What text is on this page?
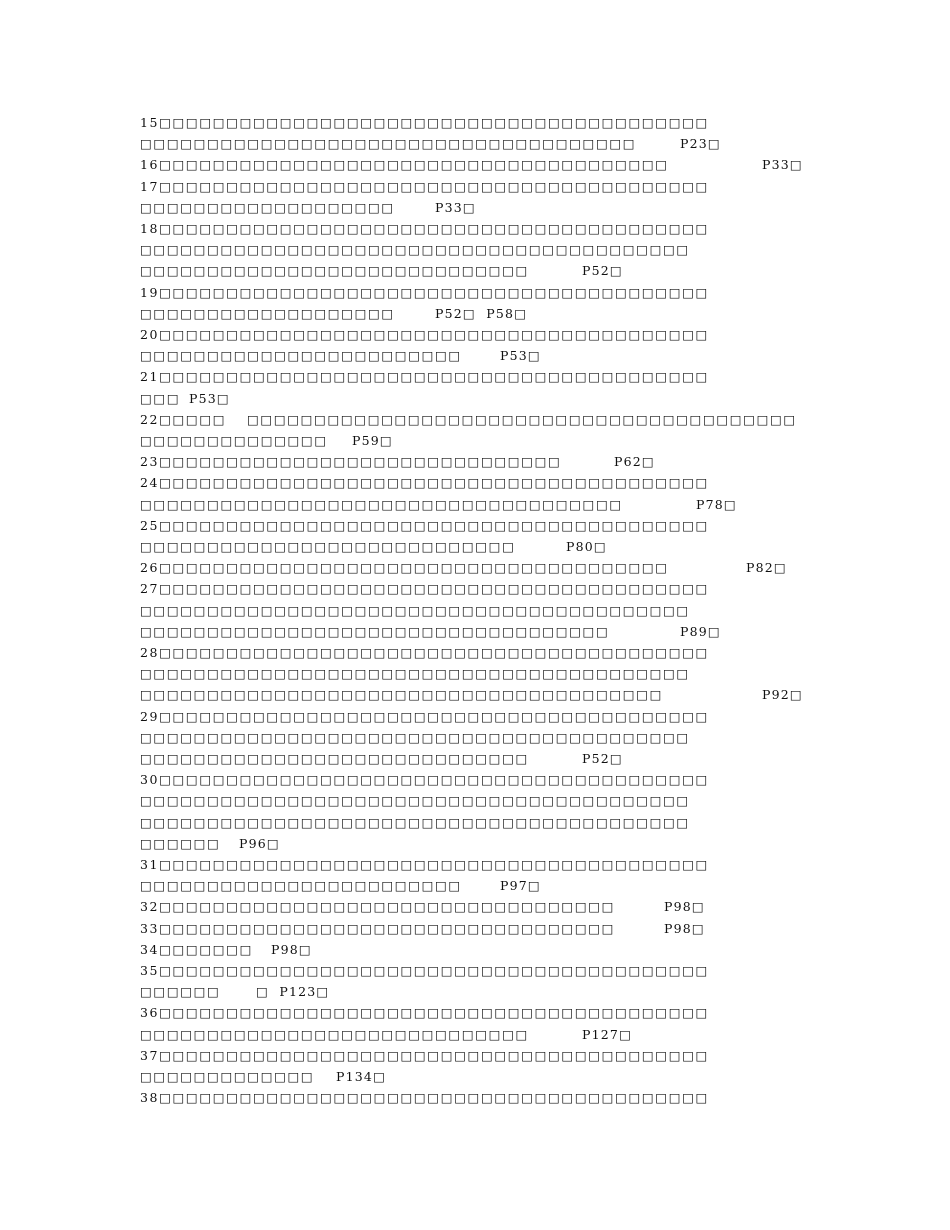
15□□□□□□□□□□□□□□□□□□□□□□□□□□□□□□□□□□□□□□□□□
□□□□□□□□□□□□□□□□□□□□□□□□□□□□□□□□□□□□□	P23□
16□□□□□□□□□□□□□□□□□□□□□□□□□□□□□□□□□□□□□□	P33□
17□□□□□□□□□□□□□□□□□□□□□□□□□□□□□□□□□□□□□□□□□
□□□□□□□□□□□□□□□□□□□	P33□
18□□□□□□□□□□□□□□□□□□□□□□□□□□□□□□□□□□□□□□□□□
□□□□□□□□□□□□□□□□□□□□□□□□□□□□□□□□□□□□□□□□□
□□□□□□□□□□□□□□□□□□□□□□□□□□□□□	P52□
19□□□□□□□□□□□□□□□□□□□□□□□□□□□□□□□□□□□□□□□□□
□□□□□□□□□□□□□□□□□□□	P52□  P58□
20□□□□□□□□□□□□□□□□□□□□□□□□□□□□□□□□□□□□□□□□□
□□□□□□□□□□□□□□□□□□□□□□□□	P53□
21□□□□□□□□□□□□□□□□□□□□□□□□□□□□□□□□□□□□□□□□□
□□□ P53□
22□□□□□ □□□□□□□□□□□□□□□□□□□□□□□□□□□□□□□□□□□□□□□□□
□□□□□□□□□□□□□□ P59□
23□□□□□□□□□□□□□□□□□□□□□□□□□□□□□□	P62□
24□□□□□□□□□□□□□□□□□□□□□□□□□□□□□□□□□□□□□□□□□
□□□□□□□□□□□□□□□□□□□□□□□□□□□□□□□□□□□□	P78□
25□□□□□□□□□□□□□□□□□□□□□□□□□□□□□□□□□□□□□□□□□
□□□□□□□□□□□□□□□□□□□□□□□□□□□□	P80□
26□□□□□□□□□□□□□□□□□□□□□□□□□□□□□□□□□□□□□□	P82□
27□□□□□□□□□□□□□□□□□□□□□□□□□□□□□□□□□□□□□□□□□
□□□□□□□□□□□□□□□□□□□□□□□□□□□□□□□□□□□□□□□□□
□□□□□□□□□□□□□□□□□□□□□□□□□□□□□□□□□□□	P89□
28□□□□□□□□□□□□□□□□□□□□□□□□□□□□□□□□□□□□□□□□□
□□□□□□□□□□□□□□□□□□□□□□□□□□□□□□□□□□□□□□□□□
□□□□□□□□□□□□□□□□□□□□□□□□□□□□□□□□□□□□□□□	P92□
29□□□□□□□□□□□□□□□□□□□□□□□□□□□□□□□□□□□□□□□□□
□□□□□□□□□□□□□□□□□□□□□□□□□□□□□□□□□□□□□□□□□
□□□□□□□□□□□□□□□□□□□□□□□□□□□□□	P52□
30□□□□□□□□□□□□□□□□□□□□□□□□□□□□□□□□□□□□□□□□□
□□□□□□□□□□□□□□□□□□□□□□□□□□□□□□□□□□□□□□□□□
□□□□□□□□□□□□□□□□□□□□□□□□□□□□□□□□□□□□□□□□□
□□□□□□ P96□
31□□□□□□□□□□□□□□□□□□□□□□□□□□□□□□□□□□□□□□□□□
□□□□□□□□□□□□□□□□□□□□□□□□	P97□
32□□□□□□□□□□□□□□□□□□□□□□□□□□□□□□□□□□	P98□
33□□□□□□□□□□□□□□□□□□□□□□□□□□□□□□□□□□	P98□
34□□□□□□□ P98□
35□□□□□□□□□□□□□□□□□□□□□□□□□□□□□□□□□□□□□□□□□
□□□□□□	□  P123□
36□□□□□□□□□□□□□□□□□□□□□□□□□□□□□□□□□□□□□□□□□
□□□□□□□□□□□□□□□□□□□□□□□□□□□□□	P127□
37□□□□□□□□□□□□□□□□□□□□□□□□□□□□□□□□□□□□□□□□□
□□□□□□□□□□□□□ P134□
38□□□□□□□□□□□□□□□□□□□□□□□□□□□□□□□□□□□□□□□□□
